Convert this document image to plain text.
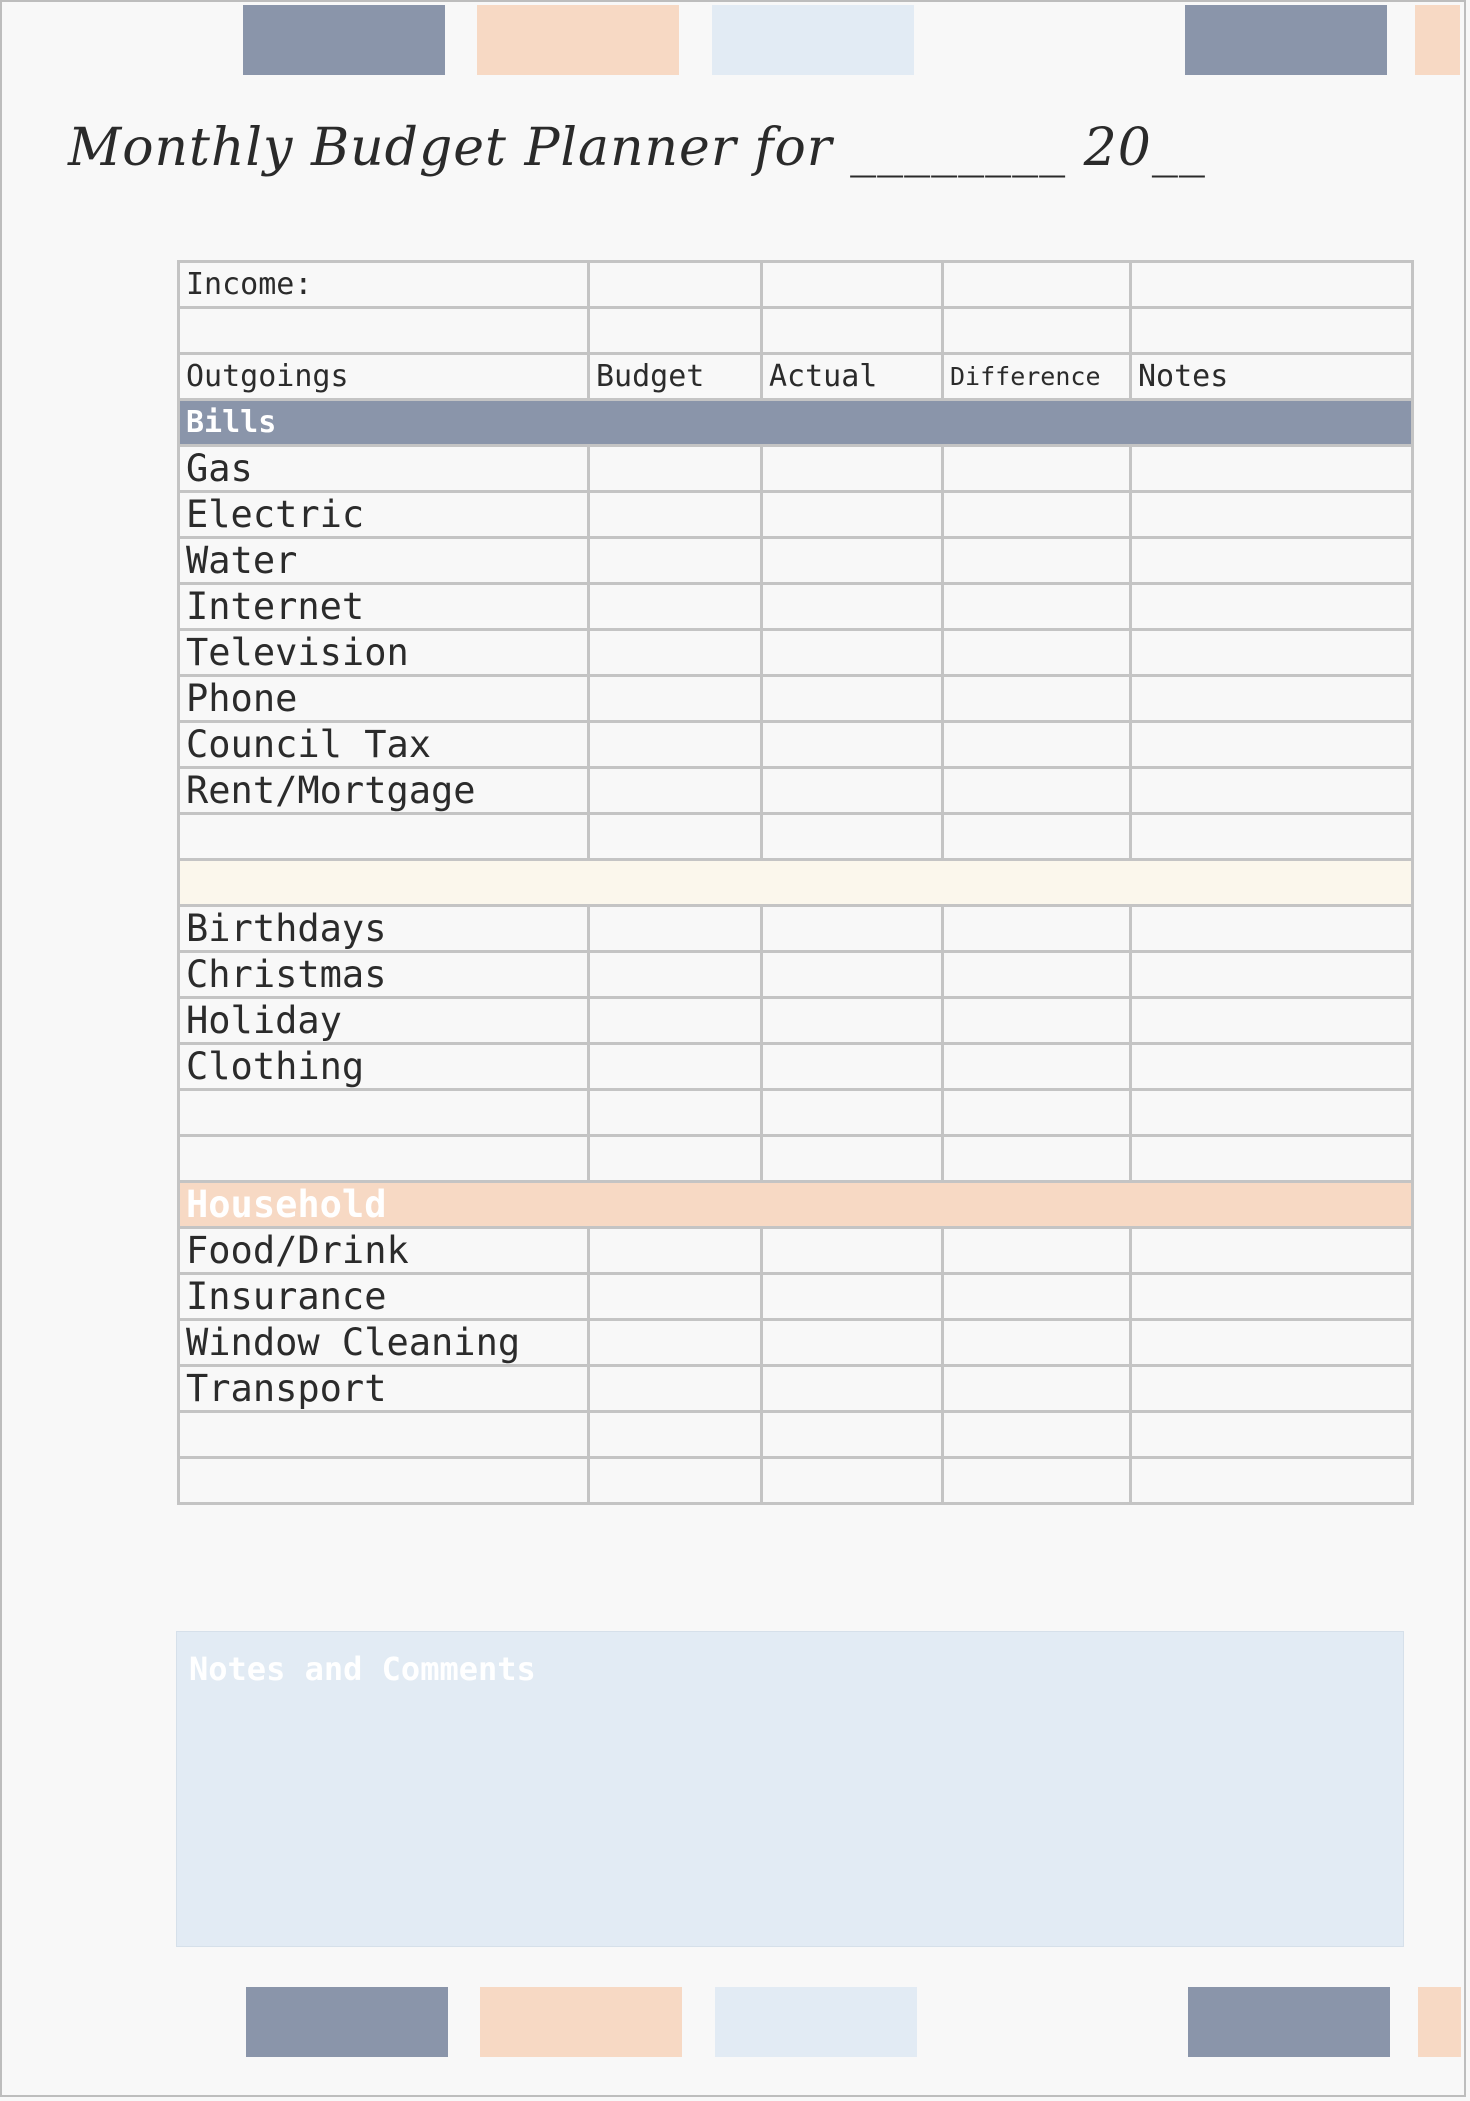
Monthly Budget Planner for ________ 20__
Income:				

Outgoings	Budget	Actual	Difference	Notes
Bills				
Gas				
Electric				
Water				
Internet				
Television				
Phone				
Council Tax				
Rent/Mortgage				

Birthdays				
Christmas				
Holiday				
Clothing				

Household				
Food/Drink				
Insurance				
Window Cleaning				
Transport				

Notes and Comments
